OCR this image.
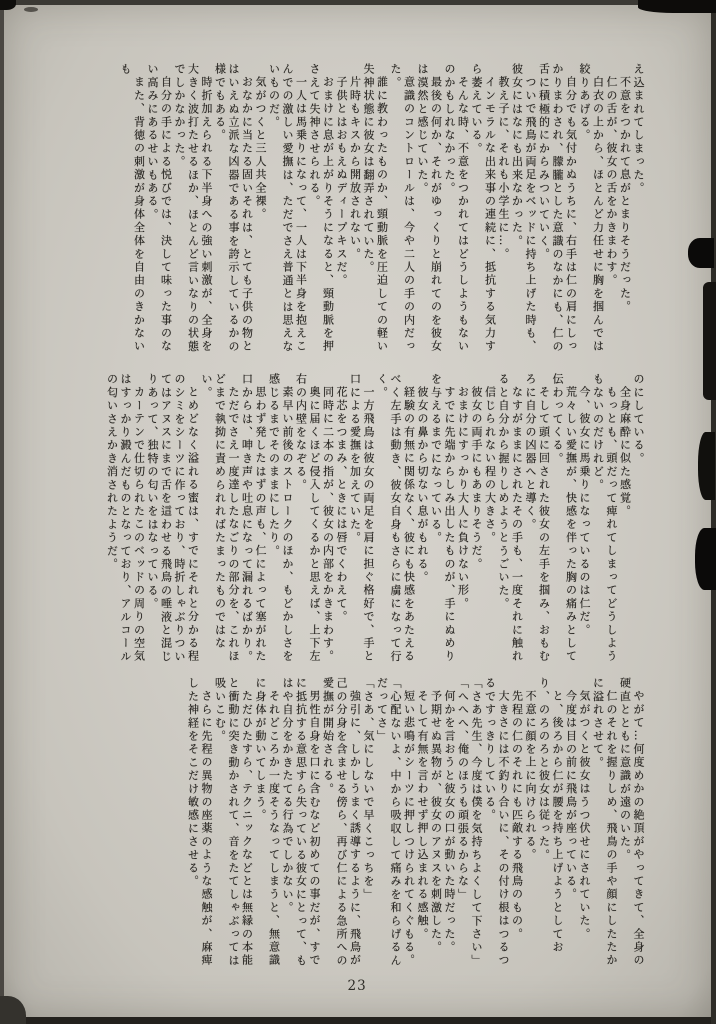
え込まれてしまった。

不意をつかれて息がとまりそうだった。

仁の舌が、彼女の舌をかきまわす。

白衣の上から、ほとんど力任せに胸を掴んでは絞りあげる。

自分でも気付かぬうちに、右手は仁の肩にしっかりまわされ、朦朧とした意識のなかにも、仁の舌に積極的にからみついていく。

ついで飛鳥が両足をベッドに持ち上げた時も、彼女にはなにも出来なかった。

教え子に、それも小学生に…。

インモラルな出来事の連続に、抵抗する気力すら萎えている。

そんな時、不意をつかれてはどうしようもないのかもしれなかった。

最後の何か、それがゆっくりと崩れてのを彼女は漠然と感じていた。

意識のコントロールは、今や二人の手の内だった。

誰に教わったものか、頸動脈を圧迫しての軽い失神状態に彼女は翻弄されていた。

片時もキスから開放されない。

子供とはおもえぬディープキスだ。

おまけに息が上がりそうになると、頸動脈を押さえて失神させられる。

一人は馬乗りになって、一人は下半身を抱えこんでの激しい愛撫は、ただでさえ普通とは思えないものだ。

気がつくと三人共全裸。

おなかに当たる固いそれは、とても子供の物とはいえぬ立派な凶器である事を誇示しているかの様でもある。

時折加えられる下半身への強い刺激が、全身を大きく波打たせるほか、ほとんど言いなりの状態でしかなかった。

自分の手による悦びでは、決して味った事のない高みにあるせいもある。

また、背徳の刺激が身体全体を自由のきかないも

のにしている。

全身麻酔に似た感覚。

もっとも、頭だって痺れてしまってどうしようもないのだけれど。

今、彼女に馬乗りになっているのは仁だ。

荒々しい愛撫が、快感を伴った胸の痛みとして伝わってくる。

そして頭に回された彼女の左手を掴み、おもむろに自分の凶器へと導く。

なすがままにされたその手も、一度それに触れると自分から握りしめようとうごいた。

信じられない程の大きさ。

彼女の両手にもあまりそうだ。

おまけにすっかり大人に負けない形。

すでに先端からしみ出したものが、手にぬめりを与えるまでになっている。

彼女の鼻から切ない息がもれる。

経験の有無に関係なく、彼にも快感をあたえるべく左手は動き、彼女自身もさらに虜になって行く。

一方飛鳥は彼女の両足を肩に担ぐ格好で、手と口による愛撫を加えていた。

花芯をつまみ、ときには唇でくわえて。

同時に二本の指が、彼女の内部をかきまわす。

奥に届くほど侵入してくるかと思えば、上下左右の内壁をなぞる。

素早い前後のストロークのほか、もどかしさを感じるまでそのままにしたり。

思わず発したはずの声も、仁によって塞がれた口からは、呻き声や吐息になって漏れるばかり。

ただでさえ一度達したなごりの部分を、これほどまで執拗に責められればたまったものではない。

とめどなく溢れる蜜は、すでにそれと分かる程のシミをシーツに作っており、時折しゃぶりついてはアヌスにまで舌を這わせる飛鳥の唾液と混じりあって、独特の匂いをはなっている。

カーテンで仕切られたこのベッドの周りの空気はすっかり澱んだものとなっており、アルコールの匂いさえかき消されたようだ。

やがて…何度めかの絶頂がやってきて、全身の硬直とともに意識が遠のいた。

仁のそれを握りしめ、飛鳥の手や顔にしたたかに溢れさせて。

気がつくと彼女はうつ伏せにされていた。

今度は目の前に飛鳥が座っている。

と、後ろから仁が腰を持ち上げようとしており、のろのろと彼女は従った。

不意に顔を上に向けられる。

先程の仁のそれにも匹敵する飛鳥のもの。

大きさには不釣り合いに、その付け根はつるつるですっきりしている。

「さあ先生、今度は僕を気持ちよくして下さい」

「へへへ、俺のほうも頑張るからな」

何かを言おうと彼女の口が動いた時だった。

予期せぬ異物が、彼女のアヌスを刺激した。

そして有無を言わせず押し込まれる感触。

短い悲鳴がシーツに押しつけられてくぐもる。

「心配ないよ、中から吸収して痛みを和らげるんだってさ」

「さあ、気にしないで早くこっちを」

強引に、しかしうまく誘導するように、飛鳥が己の分身を含ませる傍ら、再び仁による急所への愛撫が開始される。

男性自身を口に含むなど初めての事だが、すでに抵抗する意思すら失っている彼女にとって、もはや自分をかきたてる行為でしかない。

それどころか一度そうなってしまうと、無意識に身体が動いてしまう。

ただひたすら、テクニックなどとは無縁の本能と衝動に突き動かされて、音をたてしゃぶっては吸いこむ。

さらに先程の異物の座薬のような感触が、麻痺した神経をそこだけ敏感にさせる。

23
